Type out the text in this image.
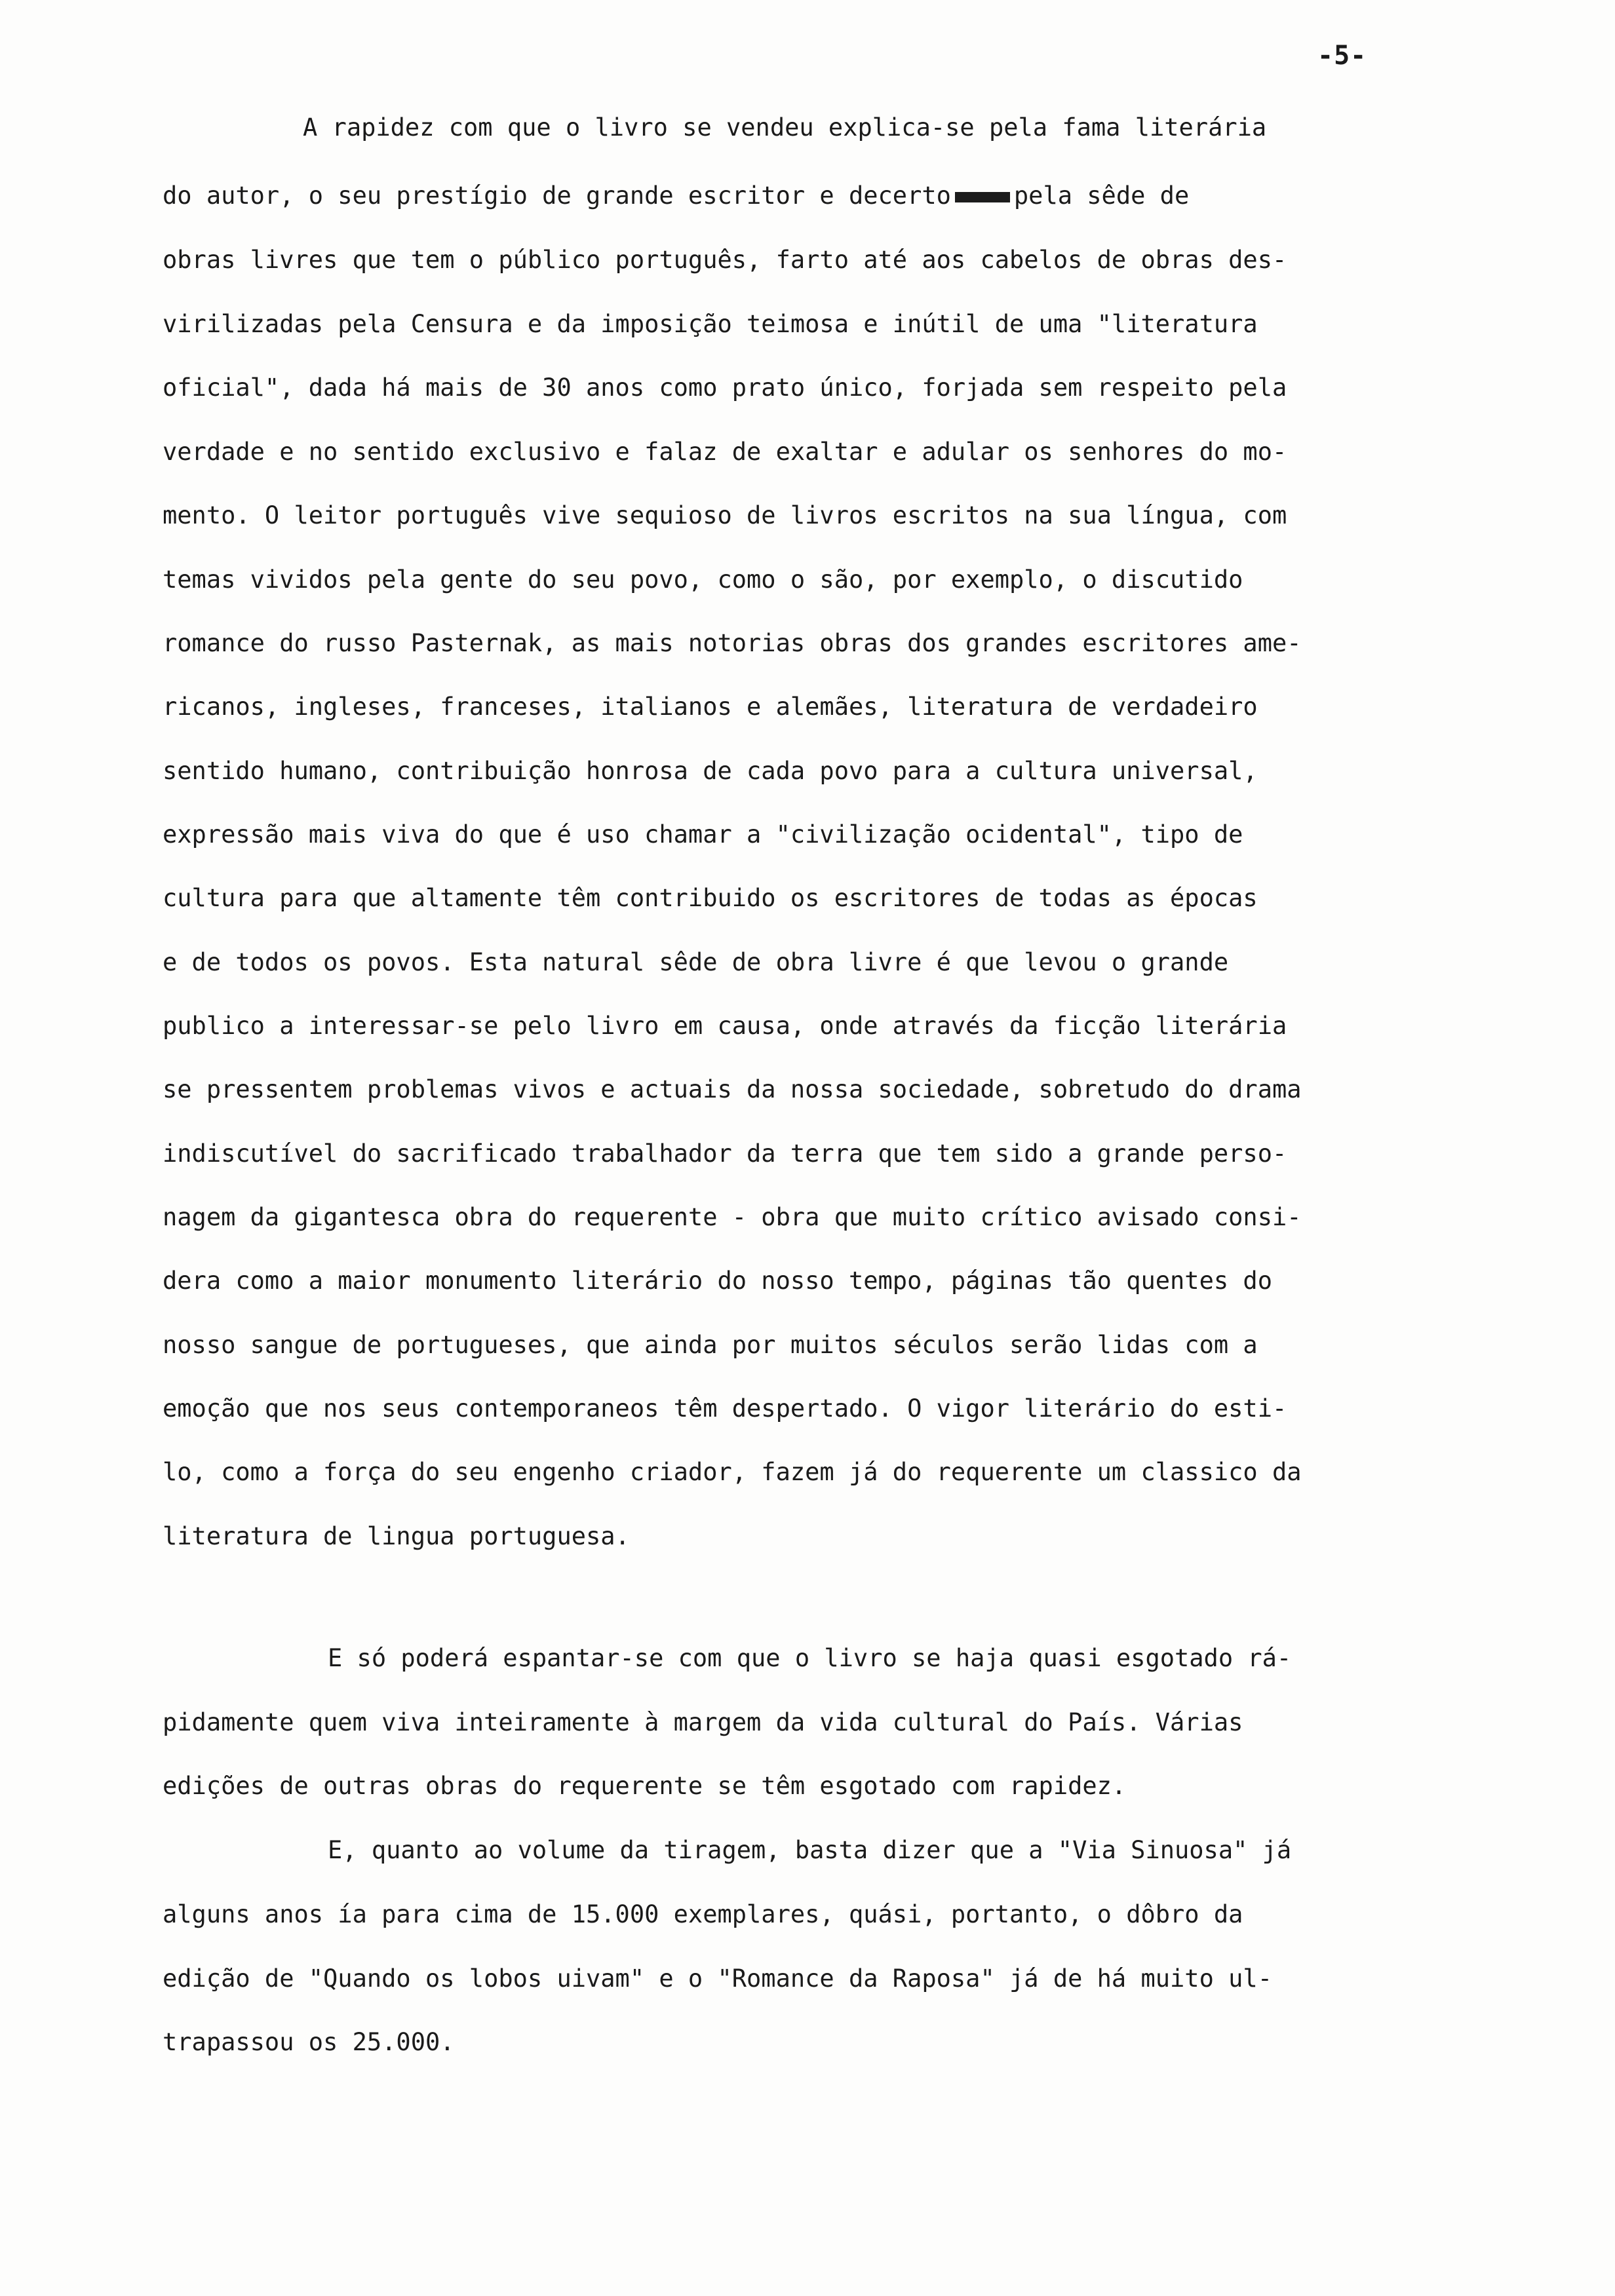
-5-
A rapidez com que o livro se vendeu explica-se pela fama literária
do autor, o seu prestígio de grande escritor e decerto	pela sêde de
obras livres que tem o público português, farto até aos cabelos de obras des-
virilizadas pela Censura e da imposição teimosa e inútil de uma "literatura
oficial", dada há mais de 30 anos como prato único, forjada sem respeito pela
verdade e no sentido exclusivo e falaz de exaltar e adular os senhores do mo-
mento. O leitor português vive sequioso de livros escritos na sua língua, com
temas vividos pela gente do seu povo, como o são, por exemplo, o discutido
romance do russo Pasternak, as mais notorias obras dos grandes escritores ame-
ricanos, ingleses, franceses, italianos e alemães, literatura de verdadeiro
sentido humano, contribuição honrosa de cada povo para a cultura universal,
expressão mais viva do que é uso chamar a "civilização ocidental", tipo de
cultura para que altamente têm contribuido os escritores de todas as épocas
e de todos os povos. Esta natural sêde de obra livre é que levou o grande
publico a interessar-se pelo livro em causa, onde através da ficção literária
se pressentem problemas vivos e actuais da nossa sociedade, sobretudo do drama
indiscutível do sacrificado trabalhador da terra que tem sido a grande perso-
nagem da gigantesca obra do requerente - obra que muito crítico avisado consi-
dera como a maior monumento literário do nosso tempo, páginas tão quentes do
nosso sangue de portugueses, que ainda por muitos séculos serão lidas com a
emoção que nos seus contemporaneos têm despertado. O vigor literário do esti-
lo, como a força do seu engenho criador, fazem já do requerente um classico da
literatura de lingua portuguesa.
E só poderá espantar-se com que o livro se haja quasi esgotado rá-
pidamente quem viva inteiramente à margem da vida cultural do País. Várias
edições de outras obras do requerente se têm esgotado com rapidez.
E, quanto ao volume da tiragem, basta dizer que a "Via Sinuosa" já
alguns anos ía para cima de 15.000 exemplares, quási, portanto, o dôbro da
edição de "Quando os lobos uivam" e o "Romance da Raposa" já de há muito ul-
trapassou os 25.000.
